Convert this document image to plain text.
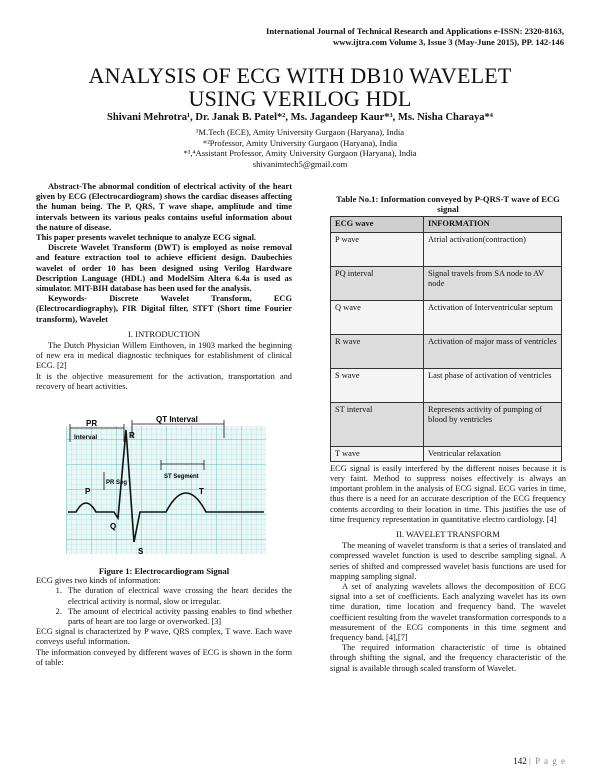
International Journal of Technical Research and Applications e-ISSN: 2320-8163,
www.ijtra.com Volume 3, Issue 3 (May-June 2015), PP. 142-146
ANALYSIS OF ECG WITH DB10 WAVELET
USING VERILOG HDL
Shivani Mehrotra¹, Dr. Janak B. Patel*², Ms. Jagandeep Kaur*³, Ms. Nisha Charaya*⁴
¹M.Tech (ECE), Amity University Gurgaon (Haryana), India
*²Professor, Amity University Gurgaon (Haryana), India
*³,⁴Assistant Professor, Amity University Gurgaon (Haryana), India
shivanimtech5@gmail.com
Abstract-The abnormal condition of electrical activity of the heart given by ECG (Electrocardiogram) shows the cardiac diseases affecting the human being. The P, QRS, T wave shape, amplitude and time intervals between its various peaks contains useful information about the nature of disease.
This paper presents wavelet technique to analyze ECG signal.
Discrete Wavelet Transform (DWT) is employed as noise removal and feature extraction tool to achieve efficient design. Daubechies wavelet of order 10 has been designed using Verilog Hardware Description Language (HDL) and ModelSim Altera 6.4a is used as simulator. MIT-BIH database has been used for the analysis.
Keywords- Discrete Wavelet Transform, ECG (Electrocardiography), FIR Digital filter, STFT (Short time Fourier transform), Wavelet
I. INTRODUCTION
The Dutch Physician Willem Einthoven, in 1903 marked the beginning of new era in medical diagnostic techniques for establishment of clinical ECG. [2]
It is the objective measurement for the activation, transportation and recovery of heart activities.
PR
Interval
QT Interval
PR Seg
ST Segment
P
Q
R
S
T
Figure 1: Electrocardiogram Signal
ECG gives two kinds of information:
1. The duration of electrical wave crossing the heart decides the electrical activity is normal, slow or irregular.
2. The amount of electrical activity passing enables to find whether parts of heart are too large or overworked. [3]
ECG signal is characterized by P wave, QRS complex, T wave. Each wave conveys useful information.
The information conveyed by different waves of ECG is shown in the form of table:
Table No.1: Information conveyed by P-QRS-T wave of ECG signal
ECG wave	INFORMATION
P wave	Atrial activation(contraction)
PQ interval	Signal travels from SA node to AV node
Q wave	Activation of Interventricular septum
R wave	Activation of major mass of ventricles
S wave	Last phase of activation of ventricles
ST interval	Represents activity of pumping of blood by ventricles
T wave	Ventricular relaxation
ECG signal is easily interfered by the different noises because it is very faint. Method to suppress noises effectively is always an important problem in the analysis of ECG signal. ECG varies in time, thus there is a need for an accurate description of the ECG frequency contents according to their location in time. This justifies the use of time frequency representation in quantitative electro cardiology. [4]
II. WAVELET TRANSFORM
The meaning of wavelet transform is that a series of translated and compressed wavelet function is used to describe sampling signal. A series of shifted and compressed wavelet basis functions are used for mapping sampling signal.
A set of analyzing wavelets allows the decomposition of ECG signal into a set of coefficients. Each analyzing wavelet has its own time duration, time location and frequency band. The wavelet coefficient resulting from the wavelet transformation corresponds to a measurement of the ECG components in this time segment and frequency band. [4],[7]
The required information characteristic of time is obtained through shifting the signal, and the frequency characteristic of the signal is available through scaled transform of Wavelet.
142 | P a g e
